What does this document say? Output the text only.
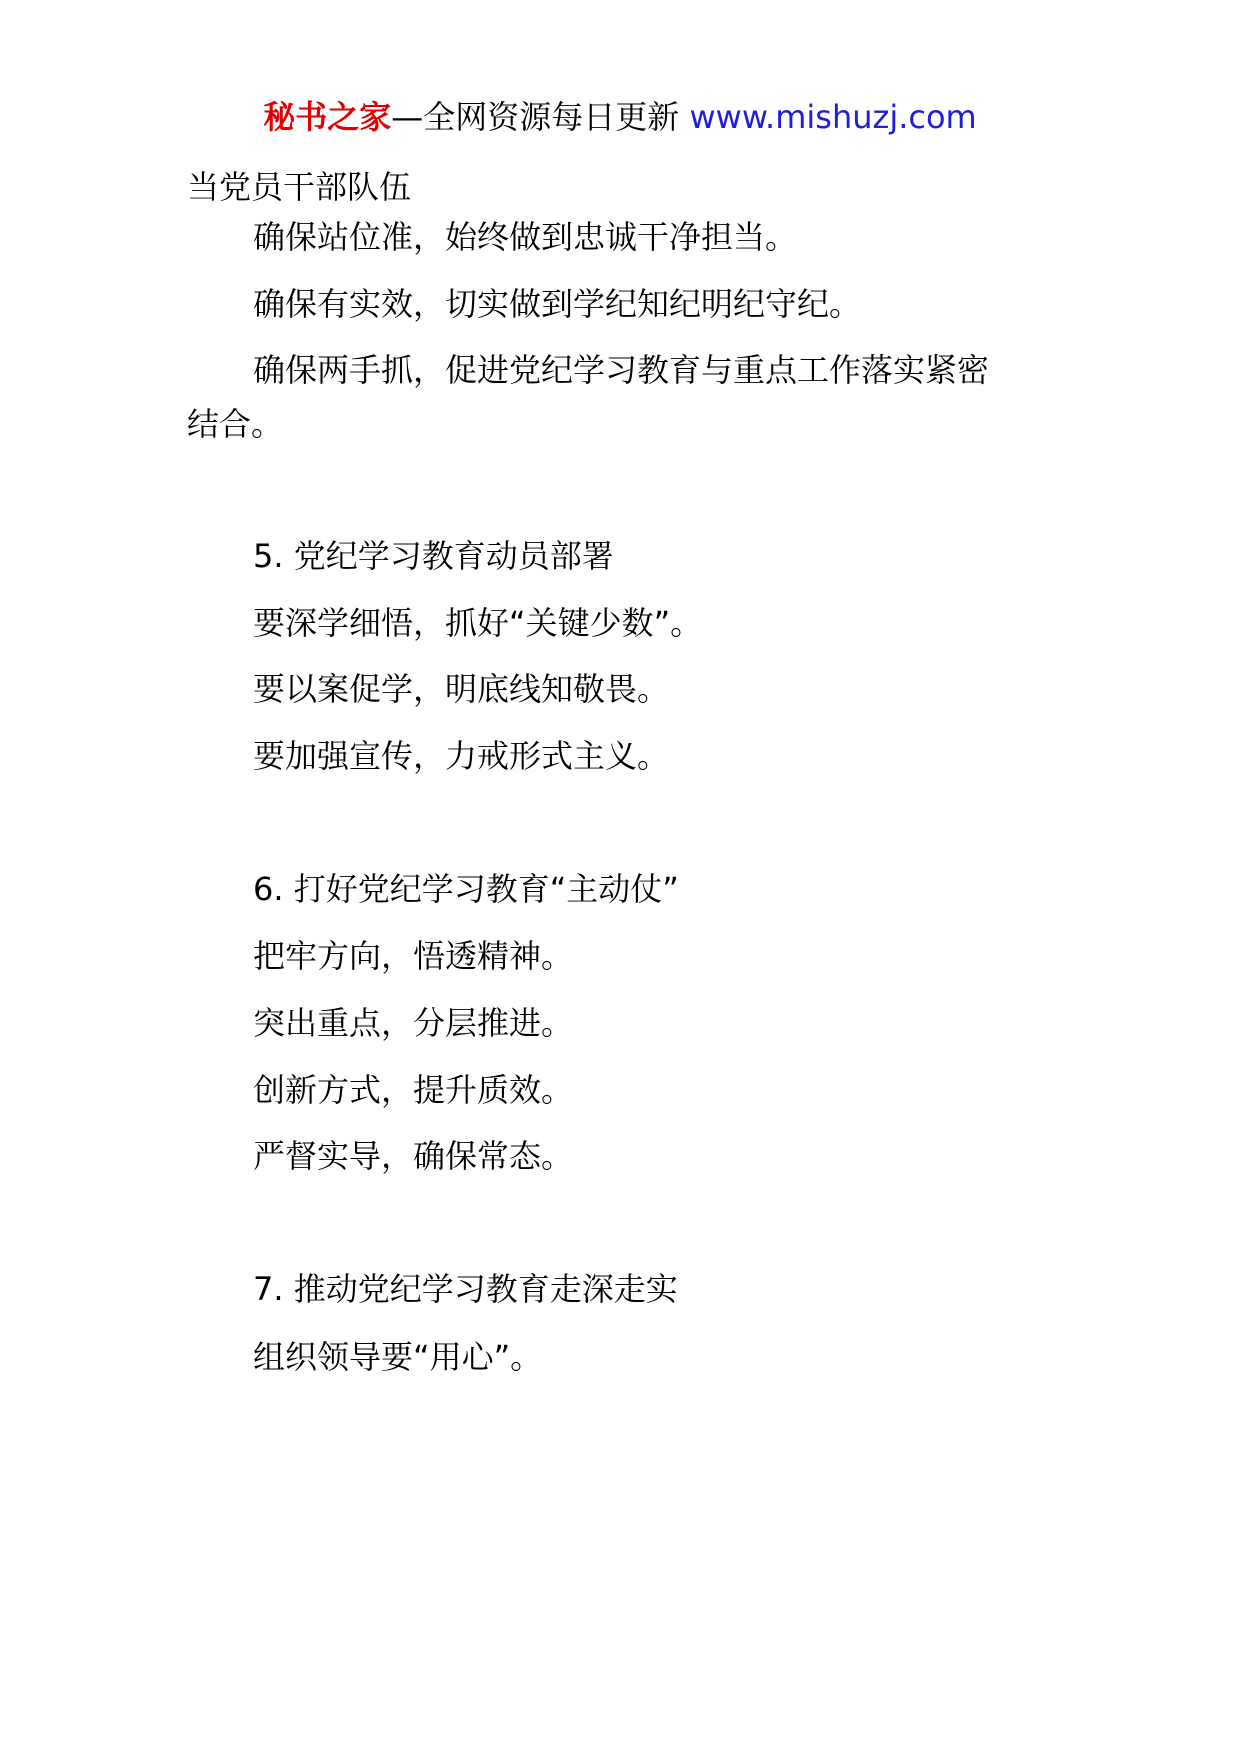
秘书之家—全网资源每日更新 www.mishuzj.com
当党员干部队伍
确保站位准，始终做到忠诚干净担当。
确保有实效，切实做到学纪知纪明纪守纪。
确保两手抓，促进党纪学习教育与重点工作落实紧密
结合。
5. 党纪学习教育动员部署
要深学细悟，抓好“关键少数”。
要以案促学，明底线知敬畏。
要加强宣传，力戒形式主义。
6. 打好党纪学习教育“主动仗”
把牢方向，悟透精神。
突出重点，分层推进。
创新方式，提升质效。
严督实导，确保常态。
7. 推动党纪学习教育走深走实
组织领导要“用心”。
